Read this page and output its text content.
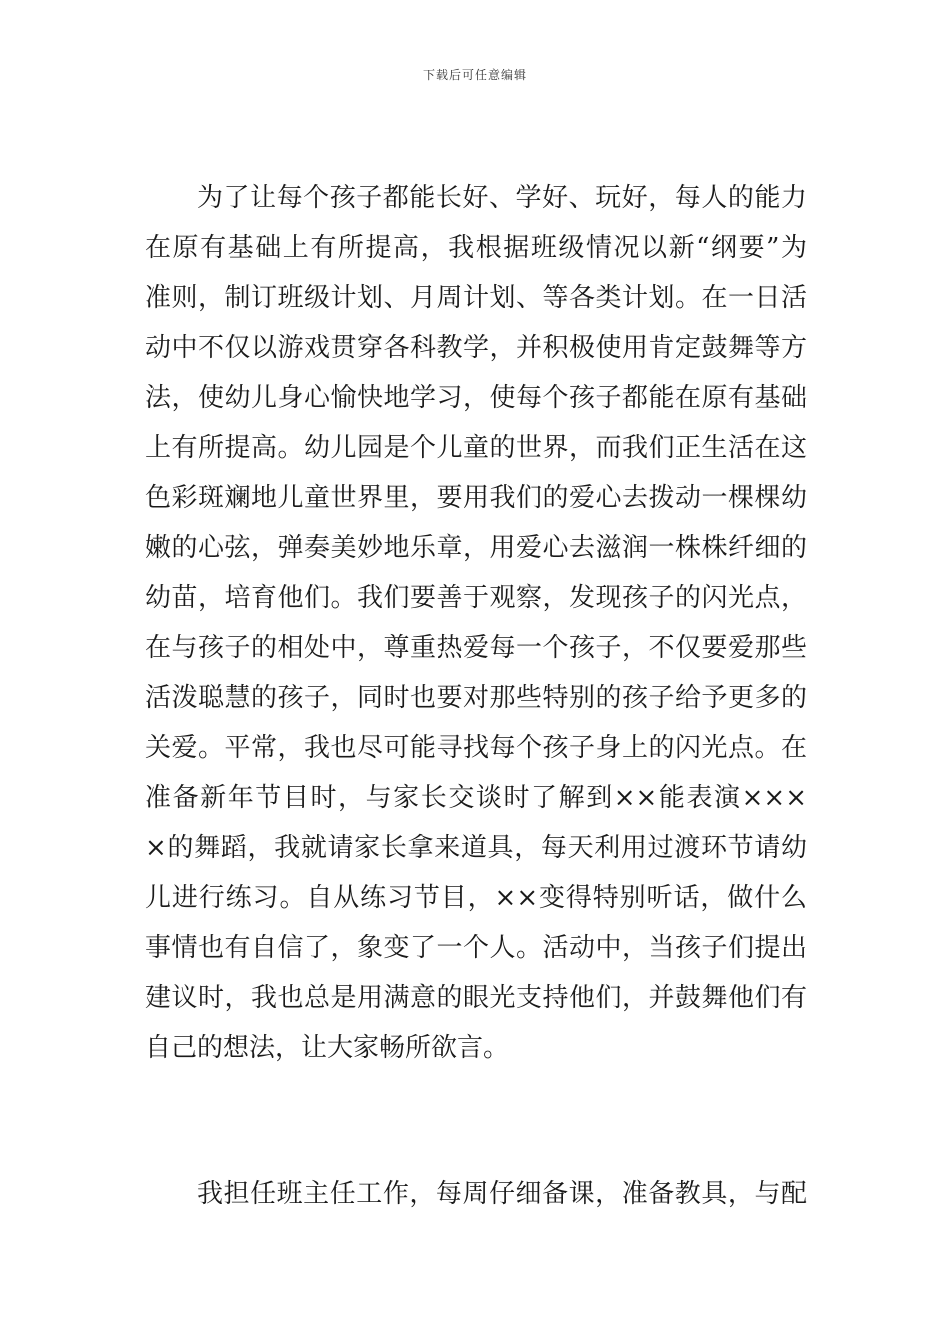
下载后可任意编辑
为了让每个孩子都能长好、学好、玩好，每人的能力
在原有基础上有所提高，我根据班级情况以新“纲要”为
准则，制订班级计划、月周计划、等各类计划。在一日活
动中不仅以游戏贯穿各科教学，并积极使用肯定鼓舞等方
法，使幼儿身心愉快地学习，使每个孩子都能在原有基础
上有所提高。幼儿园是个儿童的世界，而我们正生活在这
色彩斑斓地儿童世界里，要用我们的爱心去拨动一棵棵幼
嫩的心弦，弹奏美妙地乐章，用爱心去滋润一株株纤细的
幼苗，培育他们。我们要善于观察，发现孩子的闪光点，
在与孩子的相处中，尊重热爱每一个孩子，不仅要爱那些
活泼聪慧的孩子，同时也要对那些特别的孩子给予更多的
关爱。平常，我也尽可能寻找每个孩子身上的闪光点。在
准备新年节目时，与家长交谈时了解到××能表演×××
×的舞蹈，我就请家长拿来道具，每天利用过渡环节请幼
儿进行练习。自从练习节目，××变得特别听话，做什么
事情也有自信了，象变了一个人。活动中，当孩子们提出
建议时，我也总是用满意的眼光支持他们，并鼓舞他们有
自己的想法，让大家畅所欲言。
我担任班主任工作，每周仔细备课，准备教具，与配
